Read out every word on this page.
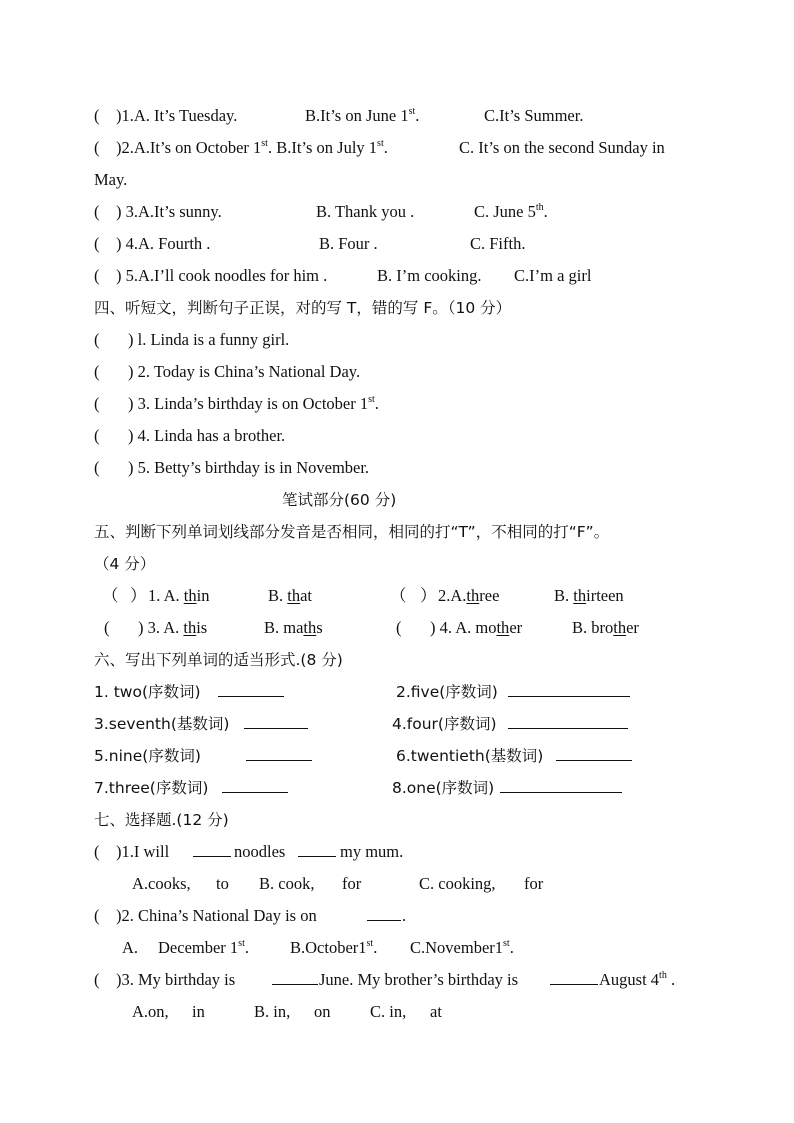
( )1.A. It’s Tuesday.	B.It’s on June 1st.	C.It’s Summer.
( )2.A.It’s on October 1st. B.It’s on July 1st.	C. It’s on the second Sunday in
May.
( ) 3.A.It’s sunny.	B. Thank you .	C. June 5th.
( ) 4.A. Fourth .	B. Four .	C. Fifth.
( ) 5.A.I’ll cook noodles for him .	B. I’m cooking. C.I’m a girl
四、听短文，判断句子正误，对的写 T，错的写 F。（10 分）
( ) l. Linda is a funny girl.
( ) 2. Today is China’s National Day.
( ) 3. Linda’s birthday is on October 1st.
( ) 4. Linda has a brother.
( ) 5. Betty’s birthday is in November.
笔试部分(60 分)
五、判断下列单词划线部分发音是否相同，相同的打“T”，不相同的打“F”。
（4 分）
（ ） 1. A. thin	B. that	（ ） 2.A.three	B. thirteen
( ) 3. A. this	B. maths	( ) 4. A. mother	B. brother
六、写出下列单词的适当形式.(8 分)
1. two(序数词)	2.five(序数词)
3.seventh(基数词)	4.four(序数词)
5.nine(序数词)	6.twentieth(基数词)
7.three(序数词)	8.one(序数词)
七、选择题.(12 分)
( )1.I will	noodles	my mum.
A.cooks, to B. cook, for	C. cooking, for
( )2. China’s National Day is on	.
A. December 1st. B.October1st. C.November1st.
( )3. My birthday is	June. My brother’s birthday is	August 4th .
A.on, in	B. in, on C. in, at
